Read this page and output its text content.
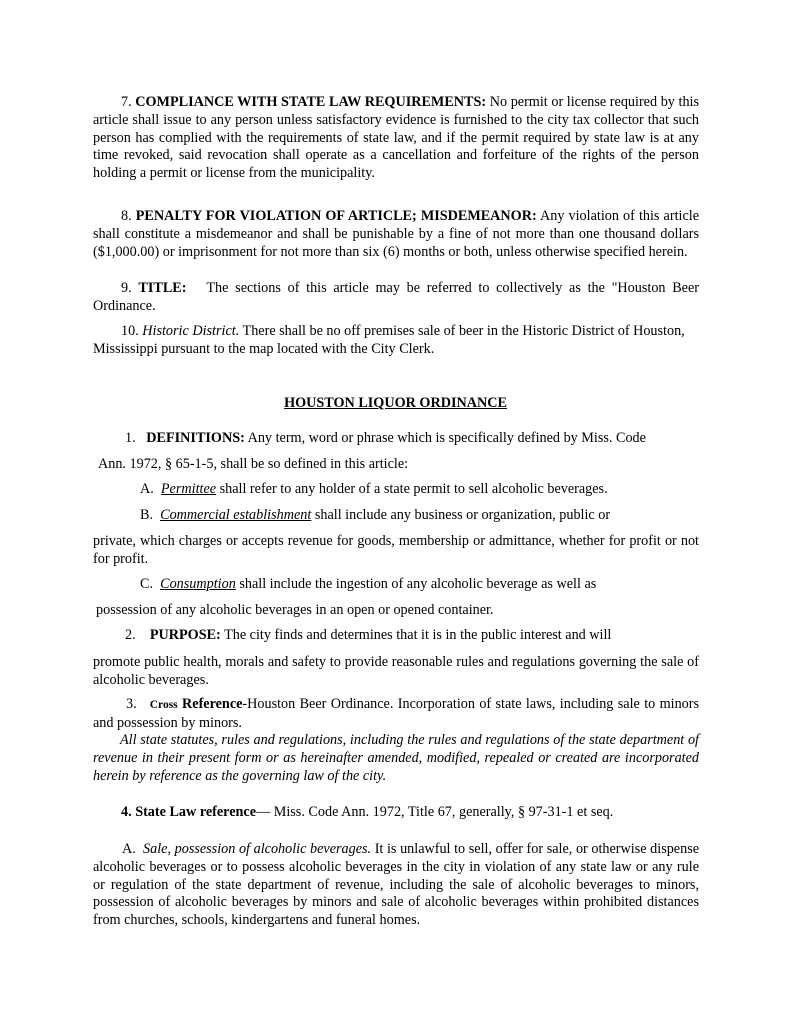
7. COMPLIANCE WITH STATE LAW REQUIREMENTS: No permit or license required by this article shall issue to any person unless satisfactory evidence is furnished to the city tax collector that such person has complied with the requirements of state law, and if the permit required by state law is at any time revoked, said revocation shall operate as a cancellation and forfeiture of the rights of the person holding a permit or license from the municipality.

8. PENALTY FOR VIOLATION OF ARTICLE; MISDEMEANOR: Any violation of this article shall constitute a misdemeanor and shall be punishable by a fine of not more than one thousand dollars ($1,000.00) or imprisonment for not more than six (6) months or both, unless otherwise specified herein.

9. TITLE: The sections of this article may be referred to collectively as the "Houston Beer Ordinance.

10. Historic District. There shall be no off premises sale of beer in the Historic District of Houston, Mississippi pursuant to the map located with the City Clerk.

HOUSTON LIQUOR ORDINANCE

1. DEFINITIONS: Any term, word or phrase which is specifically defined by Miss. Code

Ann. 1972, § 65-1-5, shall be so defined in this article:

A. Permittee shall refer to any holder of a state permit to sell alcoholic beverages.

B. Commercial establishment shall include any business or organization, public or

private, which charges or accepts revenue for goods, membership or admittance, whether for profit or not for profit.

C. Consumption shall include the ingestion of any alcoholic beverage as well as

possession of any alcoholic beverages in an open or opened container.

2. PURPOSE: The city finds and determines that it is in the public interest and will

promote public health, morals and safety to provide reasonable rules and regulations governing the sale of alcoholic beverages.

3. Cross Reference-Houston Beer Ordinance. Incorporation of state laws, including sale to minors and possession by minors.

All state statutes, rules and regulations, including the rules and regulations of the state department of revenue in their present form or as hereinafter amended, modified, repealed or created are incorporated herein by reference as the governing law of the city.

4. State Law reference— Miss. Code Ann. 1972, Title 67, generally, § 97-31-1 et seq.

A. Sale, possession of alcoholic beverages. It is unlawful to sell, offer for sale, or otherwise dispense alcoholic beverages or to possess alcoholic beverages in the city in violation of any state law or any rule or regulation of the state department of revenue, including the sale of alcoholic beverages to minors, possession of alcoholic beverages by minors and sale of alcoholic beverages within prohibited distances from churches, schools, kindergartens and funeral homes.
